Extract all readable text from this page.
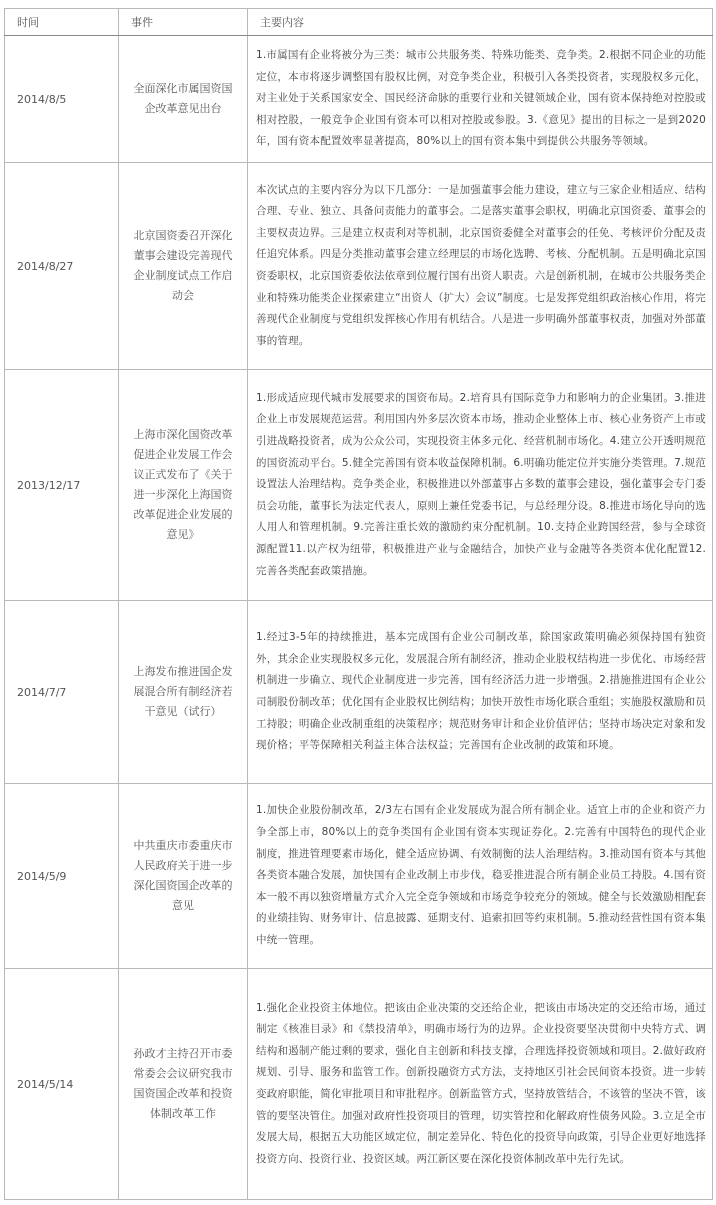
时间	事件	主要内容
2014/8/5	全面深化市属国资国企改革意见出台	1.市属国有企业将被分为三类：城市公共服务类、特殊功能类、竞争类。2.根据不同企业的功能定位，本市将逐步调整国有股权比例，对竞争类企业，积极引入各类投资者，实现股权多元化，对主业处于关系国家安全、国民经济命脉的重要行业和关键领域企业，国有资本保持绝对控股或相对控股，一般竞争企业国有资本可以相对控股或参股。3.《意见》提出的目标之一是到2020年，国有资本配置效率显著提高，80%以上的国有资本集中到提供公共服务等领域。
2014/8/27	北京国资委召开深化董事会建设完善现代企业制度试点工作启动会	本次试点的主要内容分为以下几部分：一是加强董事会能力建设，建立与三家企业相适应、结构合理、专业、独立、具备问责能力的董事会。二是落实董事会职权，明确北京国资委、董事会的主要权责边界。三是建立权责利对等机制，北京国资委健全对董事会的任免、考核评价分配及责任追究体系。四是分类推动董事会建立经理层的市场化选聘、考核、分配机制。五是明确北京国资委职权，北京国资委依法依章到位履行国有出资人职责。六是创新机制，在城市公共服务类企业和特殊功能类企业探索建立“出资人（扩大）会议”制度。七是发挥党组织政治核心作用，将完善现代企业制度与党组织发挥核心作用有机结合。八是进一步明确外部董事权责，加强对外部董事的管理。
2013/12/17	上海市深化国资改革促进企业发展工作会议正式发布了《关于进一步深化上海国资改革促进企业发展的意见》	1.形成适应现代城市发展要求的国资布局。2.培育具有国际竞争力和影响力的企业集团。3.推进企业上市发展规范运营。利用国内外多层次资本市场，推动企业整体上市、核心业务资产上市或引进战略投资者，成为公众公司，实现投资主体多元化、经营机制市场化。4.建立公开透明规范的国资流动平台。5.健全完善国有资本收益保障机制。6.明确功能定位并实施分类管理。7.规范设置法人治理结构。竞争类企业，积极推进以外部董事占多数的董事会建设，强化董事会专门委员会功能，董事长为法定代表人，原则上兼任党委书记，与总经理分设。8.推进市场化导向的选人用人和管理机制。9.完善注重长效的激励约束分配机制。10.支持企业跨国经营，参与全球资源配置11.以产权为纽带，积极推进产业与金融结合，加快产业与金融等各类资本优化配置12.完善各类配套政策措施。
2014/7/7	上海发布推进国企发展混合所有制经济若干意见（试行）	1.经过3-5年的持续推进，基本完成国有企业公司制改革，除国家政策明确必须保持国有独资外，其余企业实现股权多元化，发展混合所有制经济，推动企业股权结构进一步优化、市场经营机制进一步确立、现代企业制度进一步完善，国有经济活力进一步增强。2.措施推进国有企业公司制股份制改革；优化国有企业股权比例结构；加快开放性市场化联合重组；实施股权激励和员工持股；明确企业改制重组的决策程序；规范财务审计和企业价值评估；坚持市场决定对象和发现价格；平等保障相关利益主体合法权益；完善国有企业改制的政策和环境。
2014/5/9	中共重庆市委重庆市人民政府关于进一步深化国资国企改革的意见	1.加快企业股份制改革，2/3左右国有企业发展成为混合所有制企业。适宜上市的企业和资产力争全部上市，80%以上的竞争类国有企业国有资本实现证券化。2.完善有中国特色的现代企业制度，推进管理要素市场化，健全适应协调、有效制衡的法人治理结构。3.推动国有资本与其他各类资本融合发展，加快国有企业改制上市步伐，稳妥推进混合所有制企业员工持股。4.国有资本一般不再以独资增量方式介入完全竞争领域和市场竞争较充分的领域。健全与长效激励相配套的业绩挂钩、财务审计、信息披露、延期支付、追索扣回等约束机制。5.推动经营性国有资本集中统一管理。
2014/5/14	孙政才主持召开市委常委会会议研究我市国资国企改革和投资体制改革工作	1.强化企业投资主体地位。把该由企业决策的交还给企业，把该由市场决定的交还给市场，通过制定《核准目录》和《禁投清单》，明确市场行为的边界。企业投资要坚决贯彻中央特方式、调结构和遏制产能过剩的要求，强化自主创新和科技支撑，合理选择投资领域和项目。2.做好政府规划、引导、服务和监管工作。创新投融资方式方法，支持地区引社会民间资本投资。进一步转变政府职能，简化审批项目和审批程序。创新监管方式，坚持放管结合，不该管的坚决不管，该管的要坚决管住。加强对政府性投资项目的管理，切实管控和化解政府性债务风险。3.立足全市发展大局，根据五大功能区域定位，制定差异化、特色化的投资导向政策，引导企业更好地选择投资方向、投资行业、投资区域。两江新区要在深化投资体制改革中先行先试。
